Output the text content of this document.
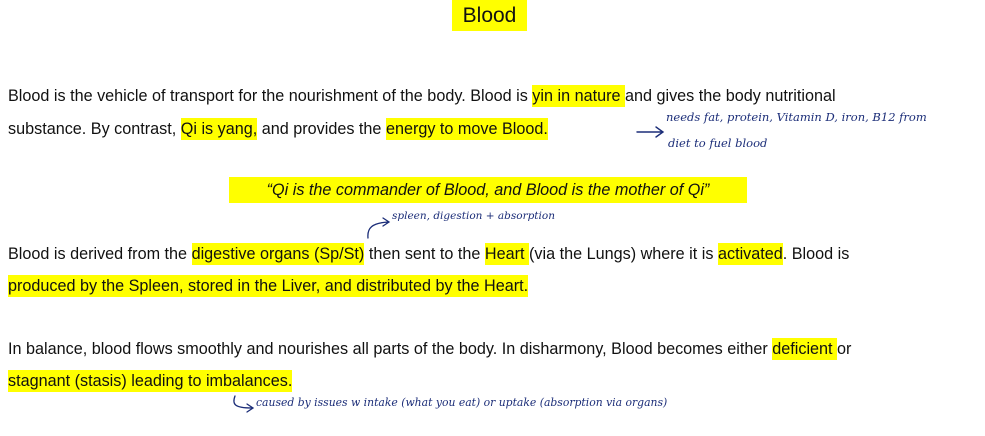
Blood
Blood is the vehicle of transport for the nourishment of the body. Blood is yin in nature and gives the body nutritional
substance. By contrast, Qi is yang, and provides the energy to move Blood.
needs fat, protein, Vitamin D, iron, B12 from
diet to fuel blood
“Qi is the commander of Blood, and Blood is the mother of Qi”
spleen, digestion + absorption
Blood is derived from the digestive organs (Sp/St) then sent to the Heart (via the Lungs) where it is activated. Blood is
produced by the Spleen, stored in the Liver, and distributed by the Heart.
In balance, blood flows smoothly and nourishes all parts of the body. In disharmony, Blood becomes either deficient or
stagnant (stasis) leading to imbalances.
caused by issues w intake (what you eat) or uptake (absorption via organs)
